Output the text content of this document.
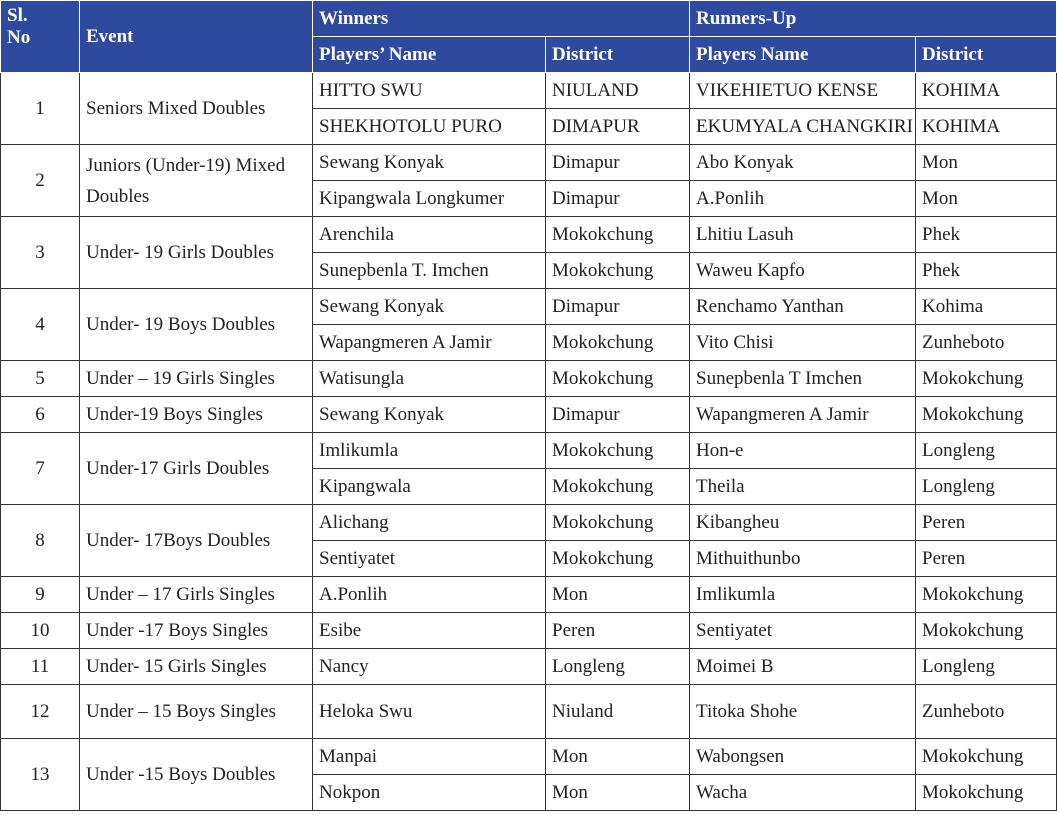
Sl.
No	Event	Winners		Runners-Up	
		Players’ Name	District	Players Name	District
1	Seniors Mixed Doubles	HITTO SWU	NIULAND	VIKEHIETUO KENSE	KOHIMA
		SHEKHOTOLU PURO	DIMAPUR	EKUMYALA CHANGKIRI	KOHIMA
2	Juniors (Under-19) Mixed Doubles	Sewang Konyak	Dimapur	Abo Konyak	Mon
		Kipangwala Longkumer	Dimapur	A.Ponlih	Mon
3	Under- 19 Girls Doubles	Arenchila	Mokokchung	Lhitiu Lasuh	Phek
		Sunepbenla T. Imchen	Mokokchung	Waweu Kapfo	Phek
4	Under- 19 Boys Doubles	Sewang Konyak	Dimapur	Renchamo Yanthan	Kohima
		Wapangmeren A Jamir	Mokokchung	Vito Chisi	Zunheboto
5	Under – 19 Girls Singles	Watisungla	Mokokchung	Sunepbenla T Imchen	Mokokchung
6	Under-19 Boys Singles	Sewang Konyak	Dimapur	Wapangmeren A Jamir	Mokokchung
7	Under-17 Girls Doubles	Imlikumla	Mokokchung	Hon-e	Longleng
		Kipangwala	Mokokchung	Theila	Longleng
8	Under- 17Boys Doubles	Alichang	Mokokchung	Kibangheu	Peren
		Sentiyatet	Mokokchung	Mithuithunbo	Peren
9	Under – 17 Girls Singles	A.Ponlih	Mon	Imlikumla	Mokokchung
10	Under -17 Boys Singles	Esibe	Peren	Sentiyatet	Mokokchung
11	Under- 15 Girls Singles	Nancy	Longleng	Moimei B	Longleng
12	Under – 15 Boys Singles	Heloka Swu	Niuland	Titoka Shohe	Zunheboto
13	Under -15 Boys Doubles	Manpai	Mon	Wabongsen	Mokokchung
		Nokpon	Mon	Wacha	Mokokchung
